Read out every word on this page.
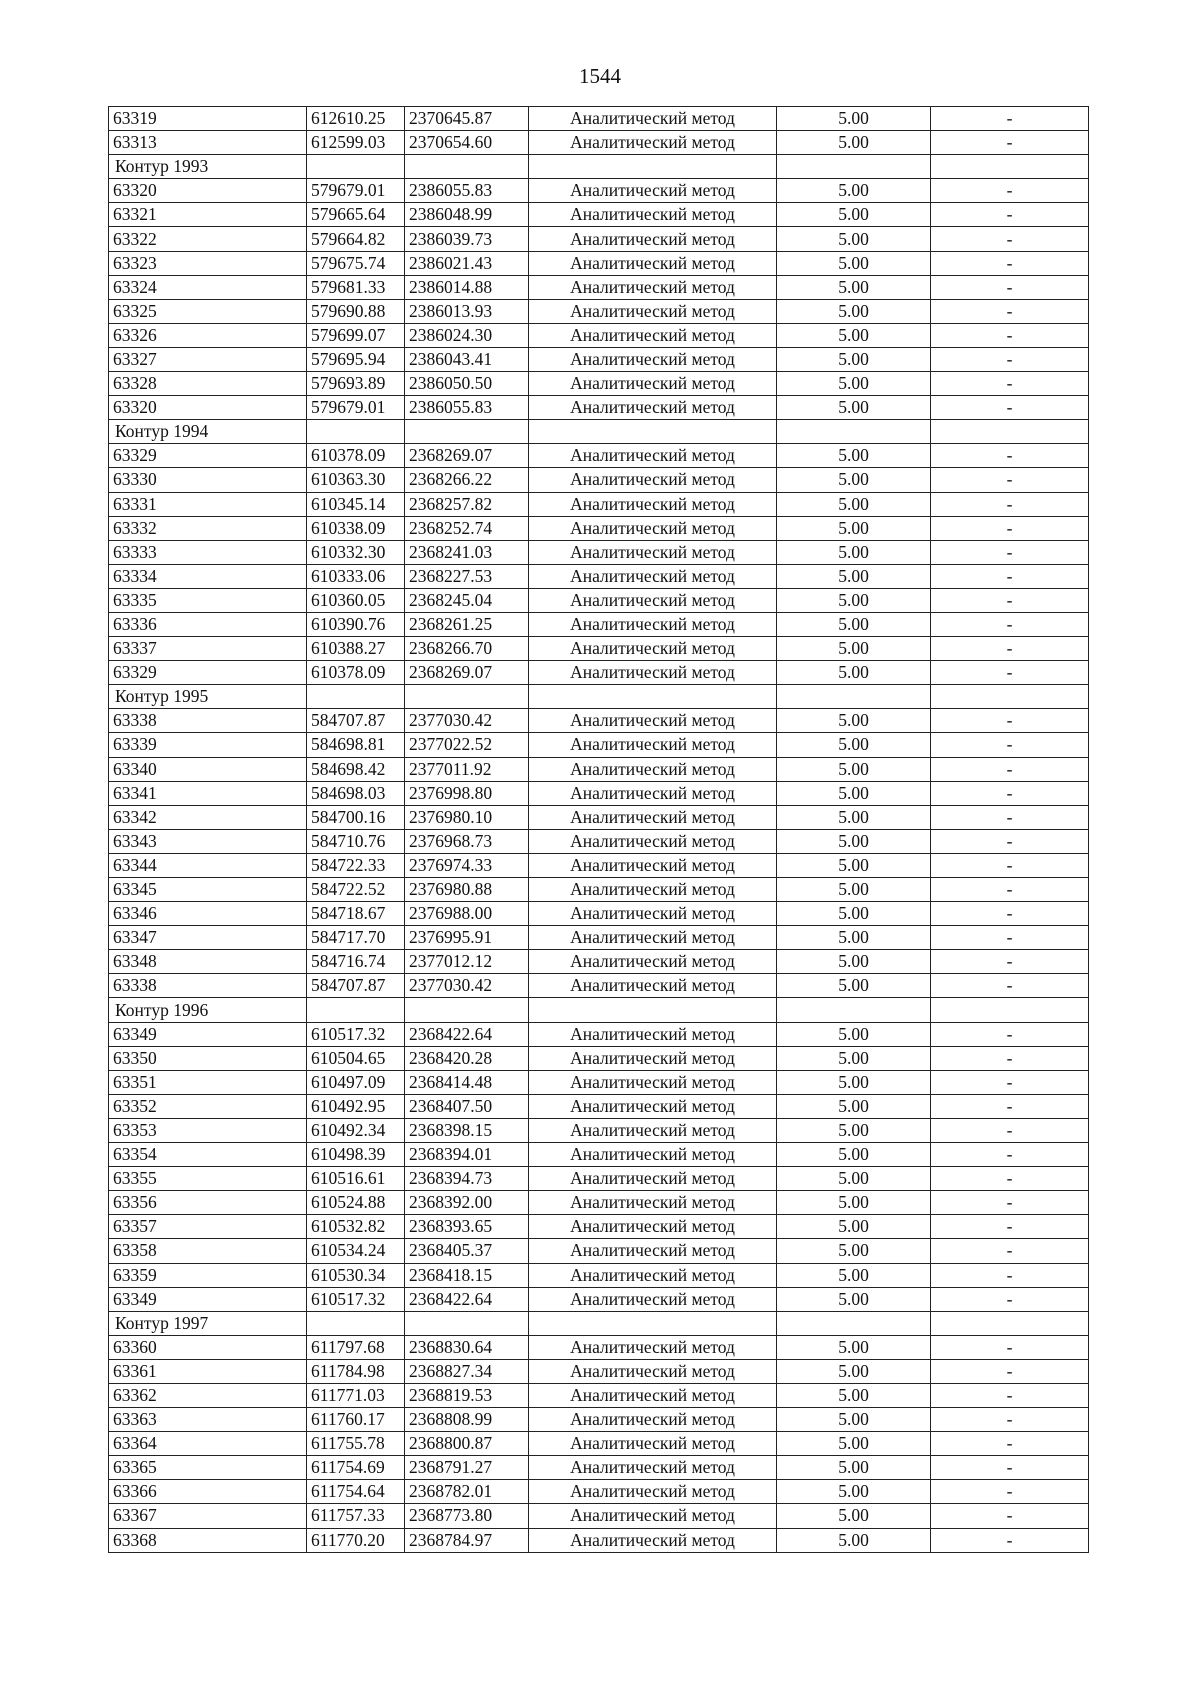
1544
63319	612610.25	2370645.87	Аналитический метод	5.00	-
63313	612599.03	2370654.60	Аналитический метод	5.00	-
Контур 1993					
63320	579679.01	2386055.83	Аналитический метод	5.00	-
63321	579665.64	2386048.99	Аналитический метод	5.00	-
63322	579664.82	2386039.73	Аналитический метод	5.00	-
63323	579675.74	2386021.43	Аналитический метод	5.00	-
63324	579681.33	2386014.88	Аналитический метод	5.00	-
63325	579690.88	2386013.93	Аналитический метод	5.00	-
63326	579699.07	2386024.30	Аналитический метод	5.00	-
63327	579695.94	2386043.41	Аналитический метод	5.00	-
63328	579693.89	2386050.50	Аналитический метод	5.00	-
63320	579679.01	2386055.83	Аналитический метод	5.00	-
Контур 1994					
63329	610378.09	2368269.07	Аналитический метод	5.00	-
63330	610363.30	2368266.22	Аналитический метод	5.00	-
63331	610345.14	2368257.82	Аналитический метод	5.00	-
63332	610338.09	2368252.74	Аналитический метод	5.00	-
63333	610332.30	2368241.03	Аналитический метод	5.00	-
63334	610333.06	2368227.53	Аналитический метод	5.00	-
63335	610360.05	2368245.04	Аналитический метод	5.00	-
63336	610390.76	2368261.25	Аналитический метод	5.00	-
63337	610388.27	2368266.70	Аналитический метод	5.00	-
63329	610378.09	2368269.07	Аналитический метод	5.00	-
Контур 1995					
63338	584707.87	2377030.42	Аналитический метод	5.00	-
63339	584698.81	2377022.52	Аналитический метод	5.00	-
63340	584698.42	2377011.92	Аналитический метод	5.00	-
63341	584698.03	2376998.80	Аналитический метод	5.00	-
63342	584700.16	2376980.10	Аналитический метод	5.00	-
63343	584710.76	2376968.73	Аналитический метод	5.00	-
63344	584722.33	2376974.33	Аналитический метод	5.00	-
63345	584722.52	2376980.88	Аналитический метод	5.00	-
63346	584718.67	2376988.00	Аналитический метод	5.00	-
63347	584717.70	2376995.91	Аналитический метод	5.00	-
63348	584716.74	2377012.12	Аналитический метод	5.00	-
63338	584707.87	2377030.42	Аналитический метод	5.00	-
Контур 1996					
63349	610517.32	2368422.64	Аналитический метод	5.00	-
63350	610504.65	2368420.28	Аналитический метод	5.00	-
63351	610497.09	2368414.48	Аналитический метод	5.00	-
63352	610492.95	2368407.50	Аналитический метод	5.00	-
63353	610492.34	2368398.15	Аналитический метод	5.00	-
63354	610498.39	2368394.01	Аналитический метод	5.00	-
63355	610516.61	2368394.73	Аналитический метод	5.00	-
63356	610524.88	2368392.00	Аналитический метод	5.00	-
63357	610532.82	2368393.65	Аналитический метод	5.00	-
63358	610534.24	2368405.37	Аналитический метод	5.00	-
63359	610530.34	2368418.15	Аналитический метод	5.00	-
63349	610517.32	2368422.64	Аналитический метод	5.00	-
Контур 1997					
63360	611797.68	2368830.64	Аналитический метод	5.00	-
63361	611784.98	2368827.34	Аналитический метод	5.00	-
63362	611771.03	2368819.53	Аналитический метод	5.00	-
63363	611760.17	2368808.99	Аналитический метод	5.00	-
63364	611755.78	2368800.87	Аналитический метод	5.00	-
63365	611754.69	2368791.27	Аналитический метод	5.00	-
63366	611754.64	2368782.01	Аналитический метод	5.00	-
63367	611757.33	2368773.80	Аналитический метод	5.00	-
63368	611770.20	2368784.97	Аналитический метод	5.00	-
